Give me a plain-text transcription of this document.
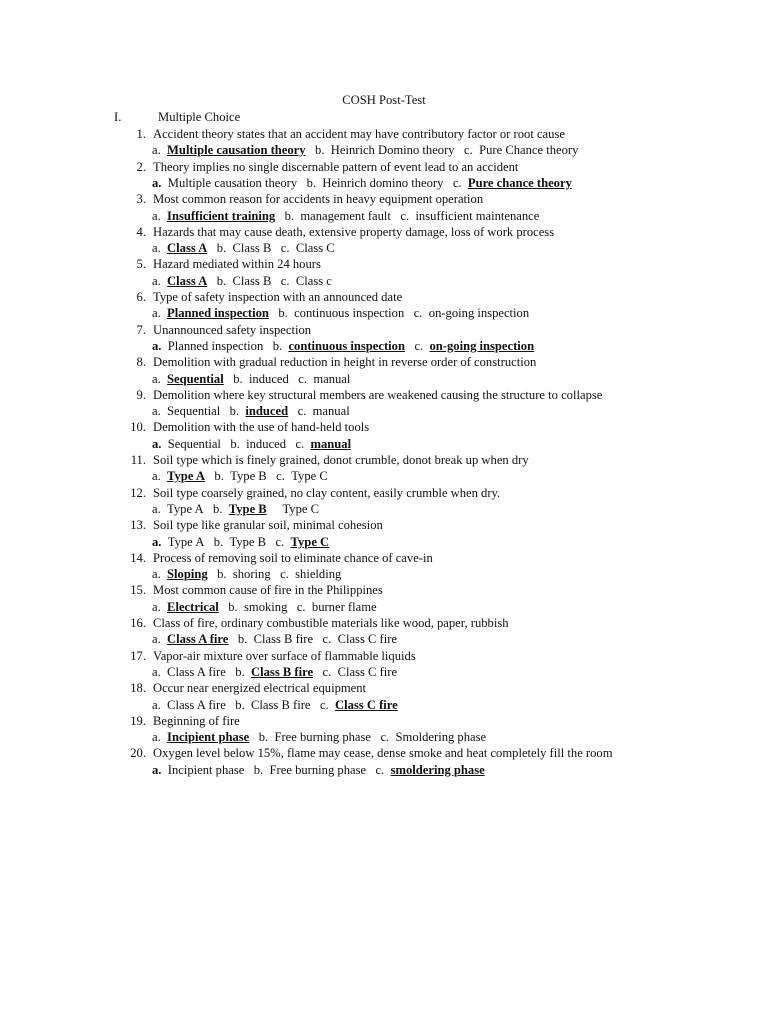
COSH Post-Test
I.	Multiple Choice
1. Accident theory states that an accident may have contributory factor or root cause
a. Multiple causation theory b. Heinrich Domino theory c. Pure Chance theory
2. Theory implies no single discernable pattern of event lead to an accident
a. Multiple causation theory b. Heinrich domino theory c. Pure chance theory
3. Most common reason for accidents in heavy equipment operation
a. Insufficient training b. management fault c. insufficient maintenance
4. Hazards that may cause death, extensive property damage, loss of work process
a. Class A b. Class B c. Class C
5. Hazard mediated within 24 hours
a. Class A b. Class B c. Class c
6. Type of safety inspection with an announced date
a. Planned inspection b. continuous inspection c. on-going inspection
7. Unannounced safety inspection
a. Planned inspection b. continuous inspection c. on-going inspection
8. Demolition with gradual reduction in height in reverse order of construction
a. Sequential b. induced c. manual
9. Demolition where key structural members are weakened causing the structure to collapse
a. Sequential b. induced c. manual
10. Demolition with the use of hand-held tools
a. Sequential b. induced c. manual
11. Soil type which is finely grained, donot crumble, donot break up when dry
a. Type A b. Type B c. Type C
12. Soil type coarsely grained, no clay content, easily crumble when dry.
a. Type A b. Type B Type C
13. Soil type like granular soil, minimal cohesion
a. Type A b. Type B c. Type C
14. Process of removing soil to eliminate chance of cave-in
a. Sloping b. shoring c. shielding
15. Most common cause of fire in the Philippines
a. Electrical b. smoking c. burner flame
16. Class of fire, ordinary combustible materials like wood, paper, rubbish
a. Class A fire b. Class B fire c. Class C fire
17. Vapor-air mixture over surface of flammable liquids
a. Class A fire b. Class B fire c. Class C fire
18. Occur near energized electrical equipment
a. Class A fire b. Class B fire c. Class C fire
19. Beginning of fire
a. Incipient phase b. Free burning phase c. Smoldering phase
20. Oxygen level below 15%, flame may cease, dense smoke and heat completely fill the room
a. Incipient phase b. Free burning phase c. smoldering phase
